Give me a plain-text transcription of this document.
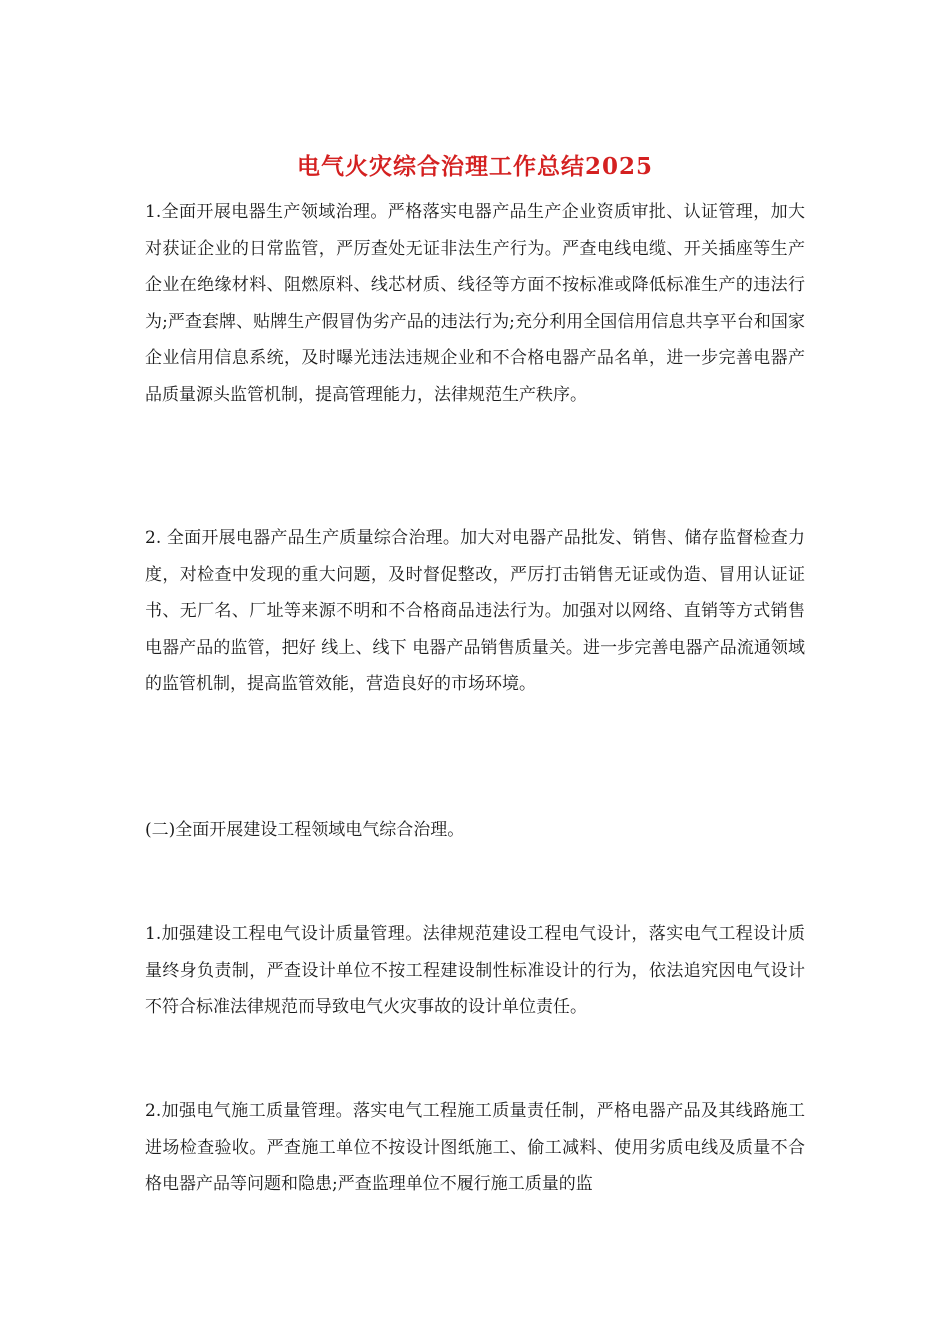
电气火灾综合治理工作总结2025
1.全面开展电器生产领域治理。严格落实电器产品生产企业资质审批、认证管理，加大对获证企业的日常监管，严厉查处无证非法生产行为。严查电线电缆、开关插座等生产企业在绝缘材料、阻燃原料、线芯材质、线径等方面不按标准或降低标准生产的违法行为;严查套牌、贴牌生产假冒伪劣产品的违法行为;充分利用全国信用信息共享平台和国家企业信用信息系统，及时曝光违法违规企业和不合格电器产品名单，进一步完善电器产品质量源头监管机制，提高管理能力，法律规范生产秩序。
2. 全面开展电器产品生产质量综合治理。加大对电器产品批发、销售、储存监督检查力度，对检查中发现的重大问题，及时督促整改，严厉打击销售无证或伪造、冒用认证证书、无厂名、厂址等来源不明和不合格商品违法行为。加强对以网络、直销等方式销售电器产品的监管，把好 线上、线下 电器产品销售质量关。进一步完善电器产品流通领域的监管机制，提高监管效能，营造良好的市场环境。
(二)全面开展建设工程领域电气综合治理。
1.加强建设工程电气设计质量管理。法律规范建设工程电气设计，落实电气工程设计质量终身负责制，严查设计单位不按工程建设制性标准设计的行为，依法追究因电气设计不符合标准法律规范而导致电气火灾事故的设计单位责任。
2.加强电气施工质量管理。落实电气工程施工质量责任制，严格电器产品及其线路施工进场检查验收。严查施工单位不按设计图纸施工、偷工减料、使用劣质电线及质量不合格电器产品等问题和隐患;严查监理单位不履行施工质量的监
